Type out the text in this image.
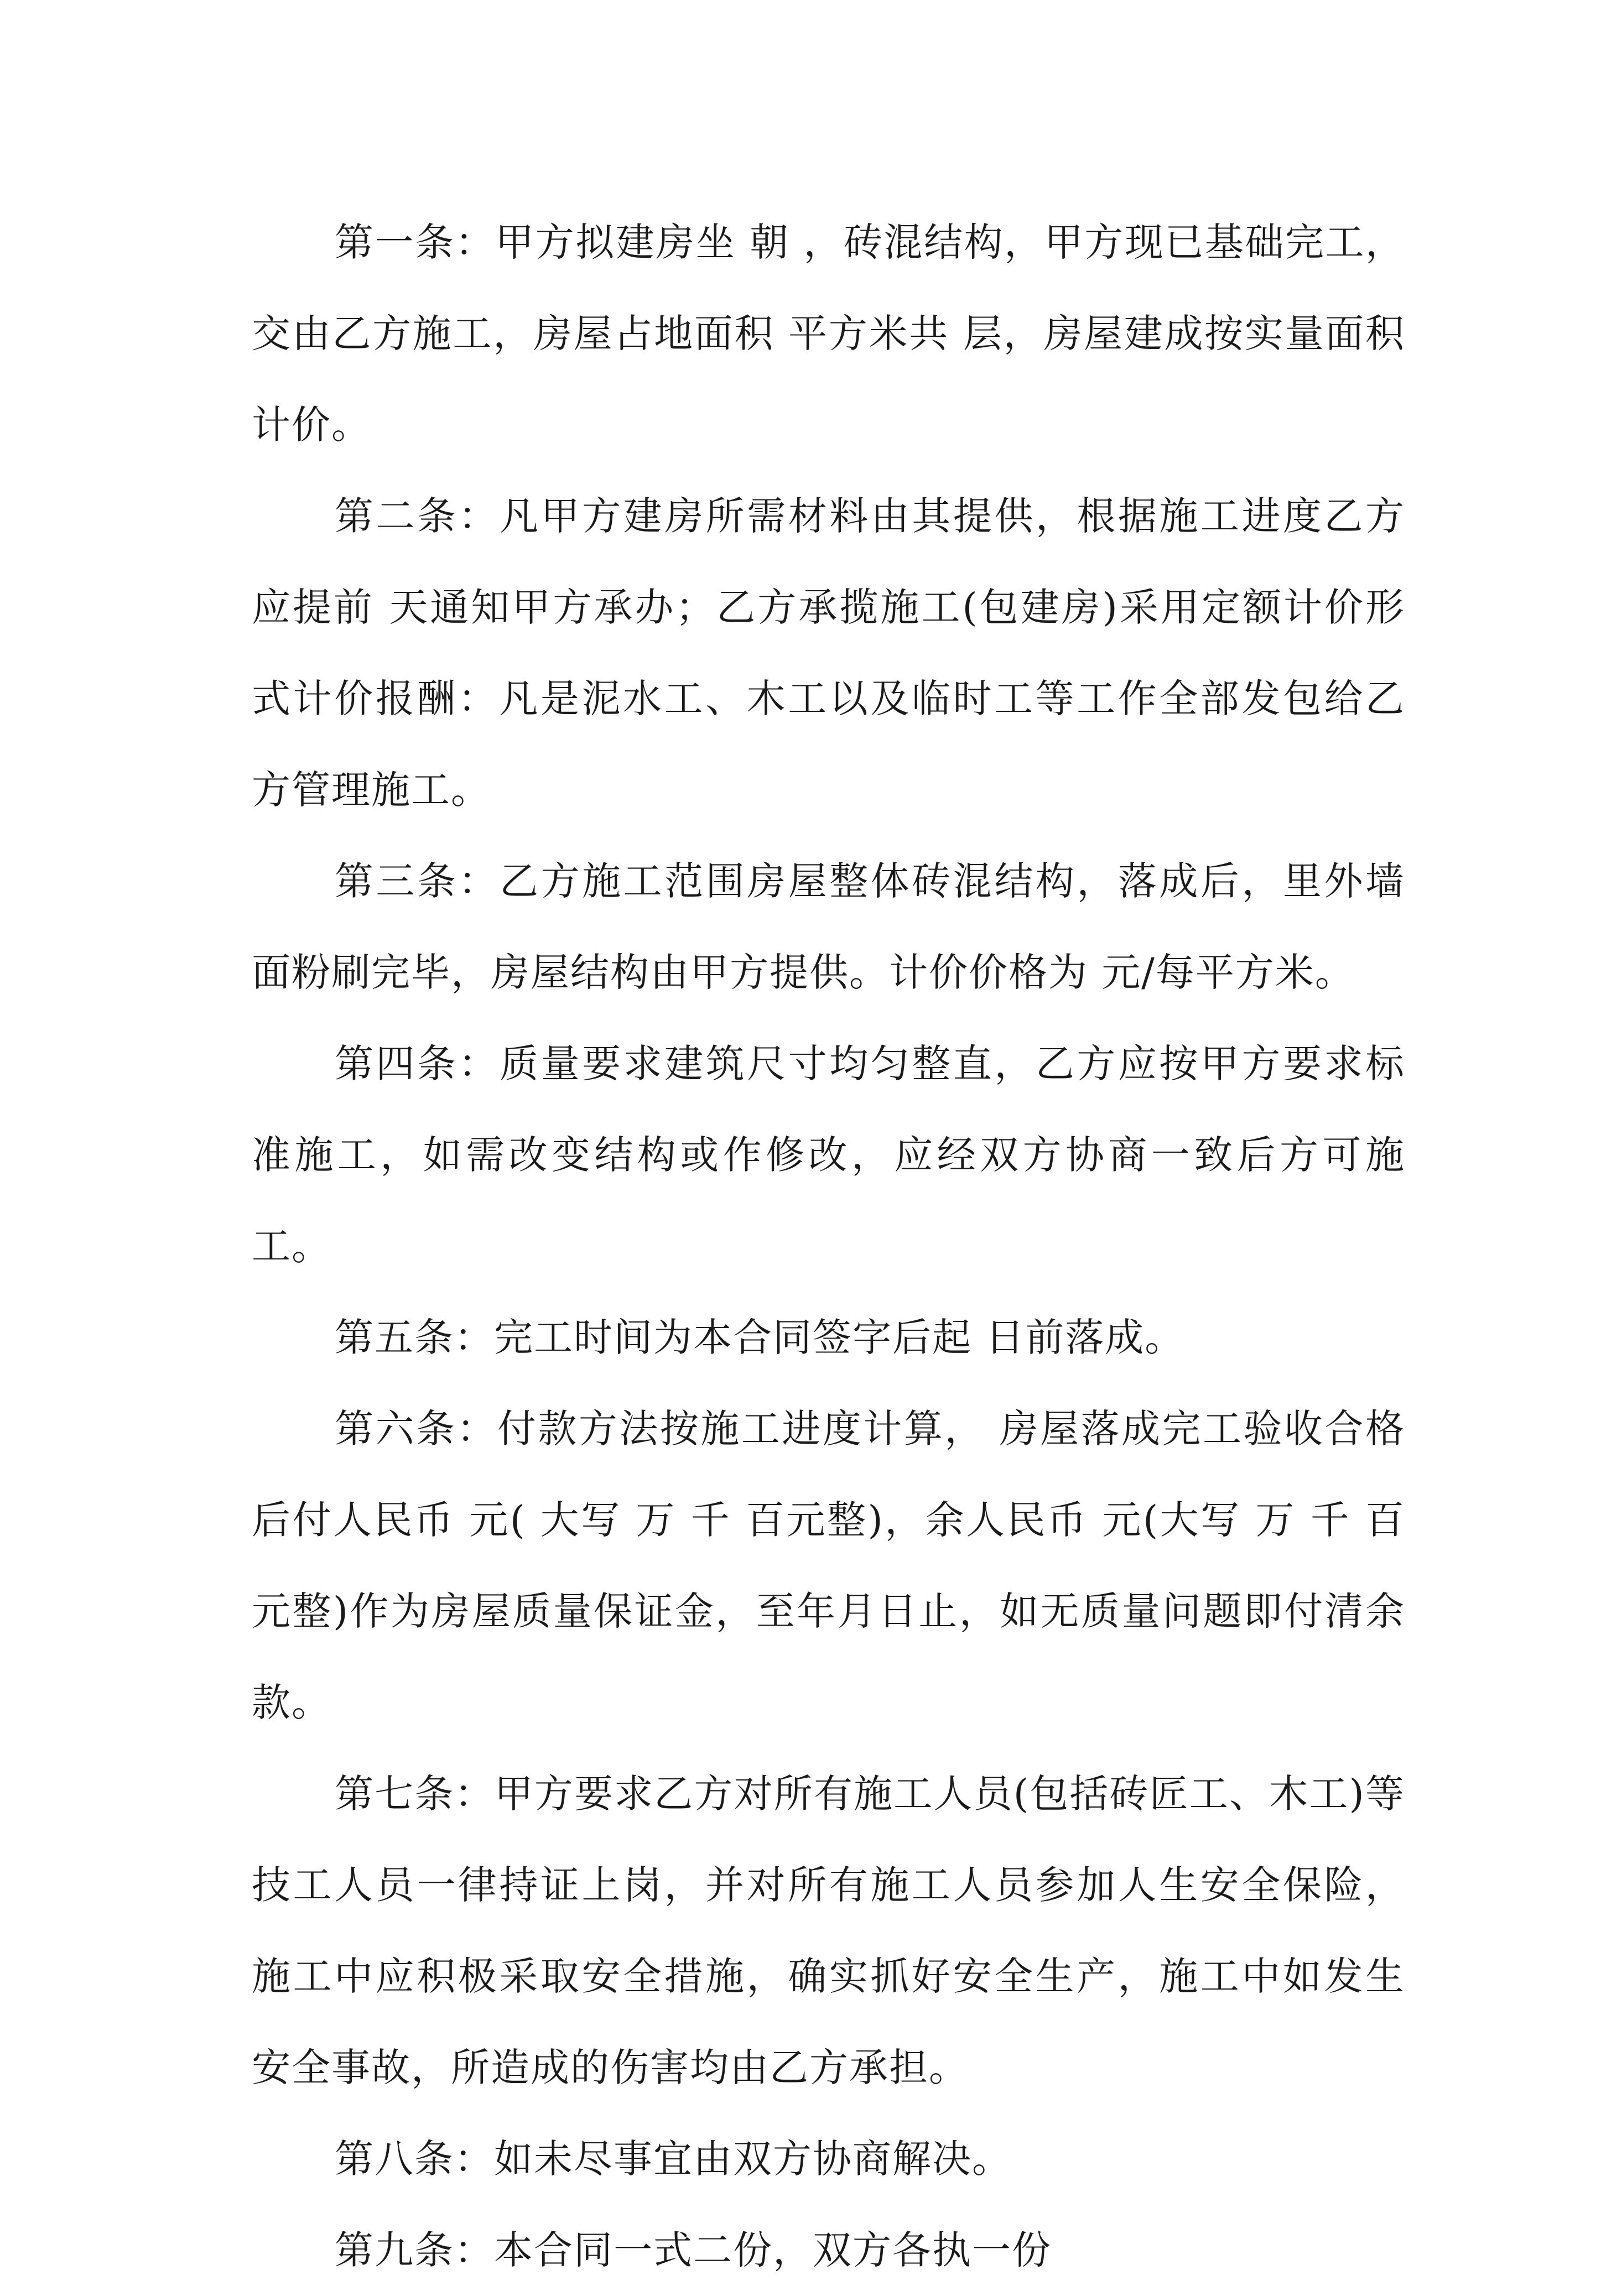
第一条：甲方拟建房坐 朝 ，砖混结构，甲方现已基础完工，交由乙方施工，房屋占地面积 平方米共 层，房屋建成按实量面积计价。

第二条：凡甲方建房所需材料由其提供，根据施工进度乙方应提前 天通知甲方承办；乙方承揽施工(包建房)采用定额计价形式计价报酬：凡是泥水工、木工以及临时工等工作全部发包给乙方管理施工。

第三条：乙方施工范围房屋整体砖混结构，落成后，里外墙面粉刷完毕，房屋结构由甲方提供。计价价格为 元/每平方米。

第四条：质量要求建筑尺寸均匀整直，乙方应按甲方要求标准施工，如需改变结构或作修改，应经双方协商一致后方可施工。

第五条：完工时间为本合同签字后起 日前落成。

第六条：付款方法按施工进度计算， 房屋落成完工验收合格后付人民币 元( 大写 万 千 百元整)，余人民币 元(大写 万 千 百元整)作为房屋质量保证金，至年月日止，如无质量问题即付清余款。

第七条：甲方要求乙方对所有施工人员(包括砖匠工、木工)等技工人员一律持证上岗，并对所有施工人员参加人生安全保险，施工中应积极采取安全措施，确实抓好安全生产，施工中如发生安全事故，所造成的伤害均由乙方承担。

第八条：如未尽事宜由双方协商解决。

第九条：本合同一式二份，双方各执一份
